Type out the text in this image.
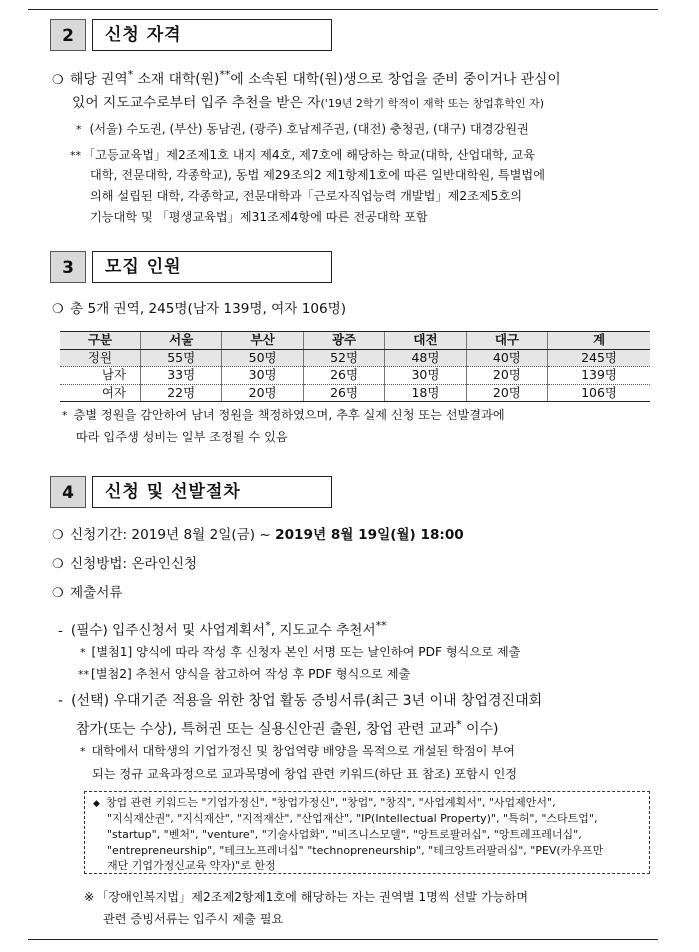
2	신청 자격
❍ 해당 권역* 소재 대학(원)**에 소속된 대학(원)생으로 창업을 준비 중이거나 관심이
있어 지도교수로부터 입주 추천을 받은 자('19년 2학기 학적이 재학 또는 창업휴학인 자)
* (서울) 수도권, (부산) 동남권, (광주) 호남제주권, (대전) 충청권, (대구) 대경강원권
** 「고등교육법」제2조제1호 내지 제4호, 제7호에 해당하는 학교(대학, 산업대학, 교육
대학, 전문대학, 각종학교), 동법 제29조의2 제1항제1호에 따른 일반대학원, 특별법에
의해 설립된 대학, 각종학교, 전문대학과「근로자직업능력 개발법」제2조제5호의
기능대학 및 「평생교육법」제31조제4항에 따른 전공대학 포함
3	모집 인원
❍ 총 5개 권역, 245명(남자 139명, 여자 106명)
구분	서울	부산	광주	대전	대구	계
정원	55명	50명	52명	48명	40명	245명
남자	33명	30명	26명	30명	20명	139명
여자	22명	20명	26명	18명	20명	106명
* 층별 정원을 감안하여 남녀 정원을 책정하였으며, 추후 실제 신청 또는 선발결과에
따라 입주생 성비는 일부 조정될 수 있음
4	신청 및 선발절차
❍ 신청기간: 2019년 8월 2일(금) ~ 2019년 8월 19일(월) 18:00
❍ 신청방법: 온라인신청
❍ 제출서류
- (필수) 입주신청서 및 사업계획서*, 지도교수 추천서**
* [별첨1] 양식에 따라 작성 후 신청자 본인 서명 또는 날인하여 PDF 형식으로 제출
** [별첨2] 추천서 양식을 참고하여 작성 후 PDF 형식으로 제출
- (선택) 우대기준 적용을 위한 창업 활동 증빙서류(최근 3년 이내 창업경진대회
참가(또는 수상), 특허권 또는 실용신안권 출원, 창업 관련 교과* 이수)
* 대학에서 대학생의 기업가정신 및 창업역량 배양을 목적으로 개설된 학점이 부여
되는 정규 교육과정으로 교과목명에 창업 관련 키워드(하단 표 참조) 포함시 인정
◆ 창업 관련 키워드는 "기업가정신", "창업가정신", "창업", "창직", "사업계획서", "사업제안서",
"지식재산권", "지식재산", "지적재산", "산업재산", "IP(Intellectual Property)", "특허", "스타트업",
"startup", "벤처", "venture", "기술사업화", "비즈니스모델", "앙트로팔러십", "앙트레프레너십",
"entrepreneurship", "테크노프레너십" "technopreneurship", "테크앙트러팔러십", "PEV(카우프만
재단 기업가정신교육 약자)"로 한정
※ 「장애인복지법」제2조제2항제1호에 해당하는 자는 권역별 1명씩 선발 가능하며
관련 증빙서류는 입주시 제출 필요
